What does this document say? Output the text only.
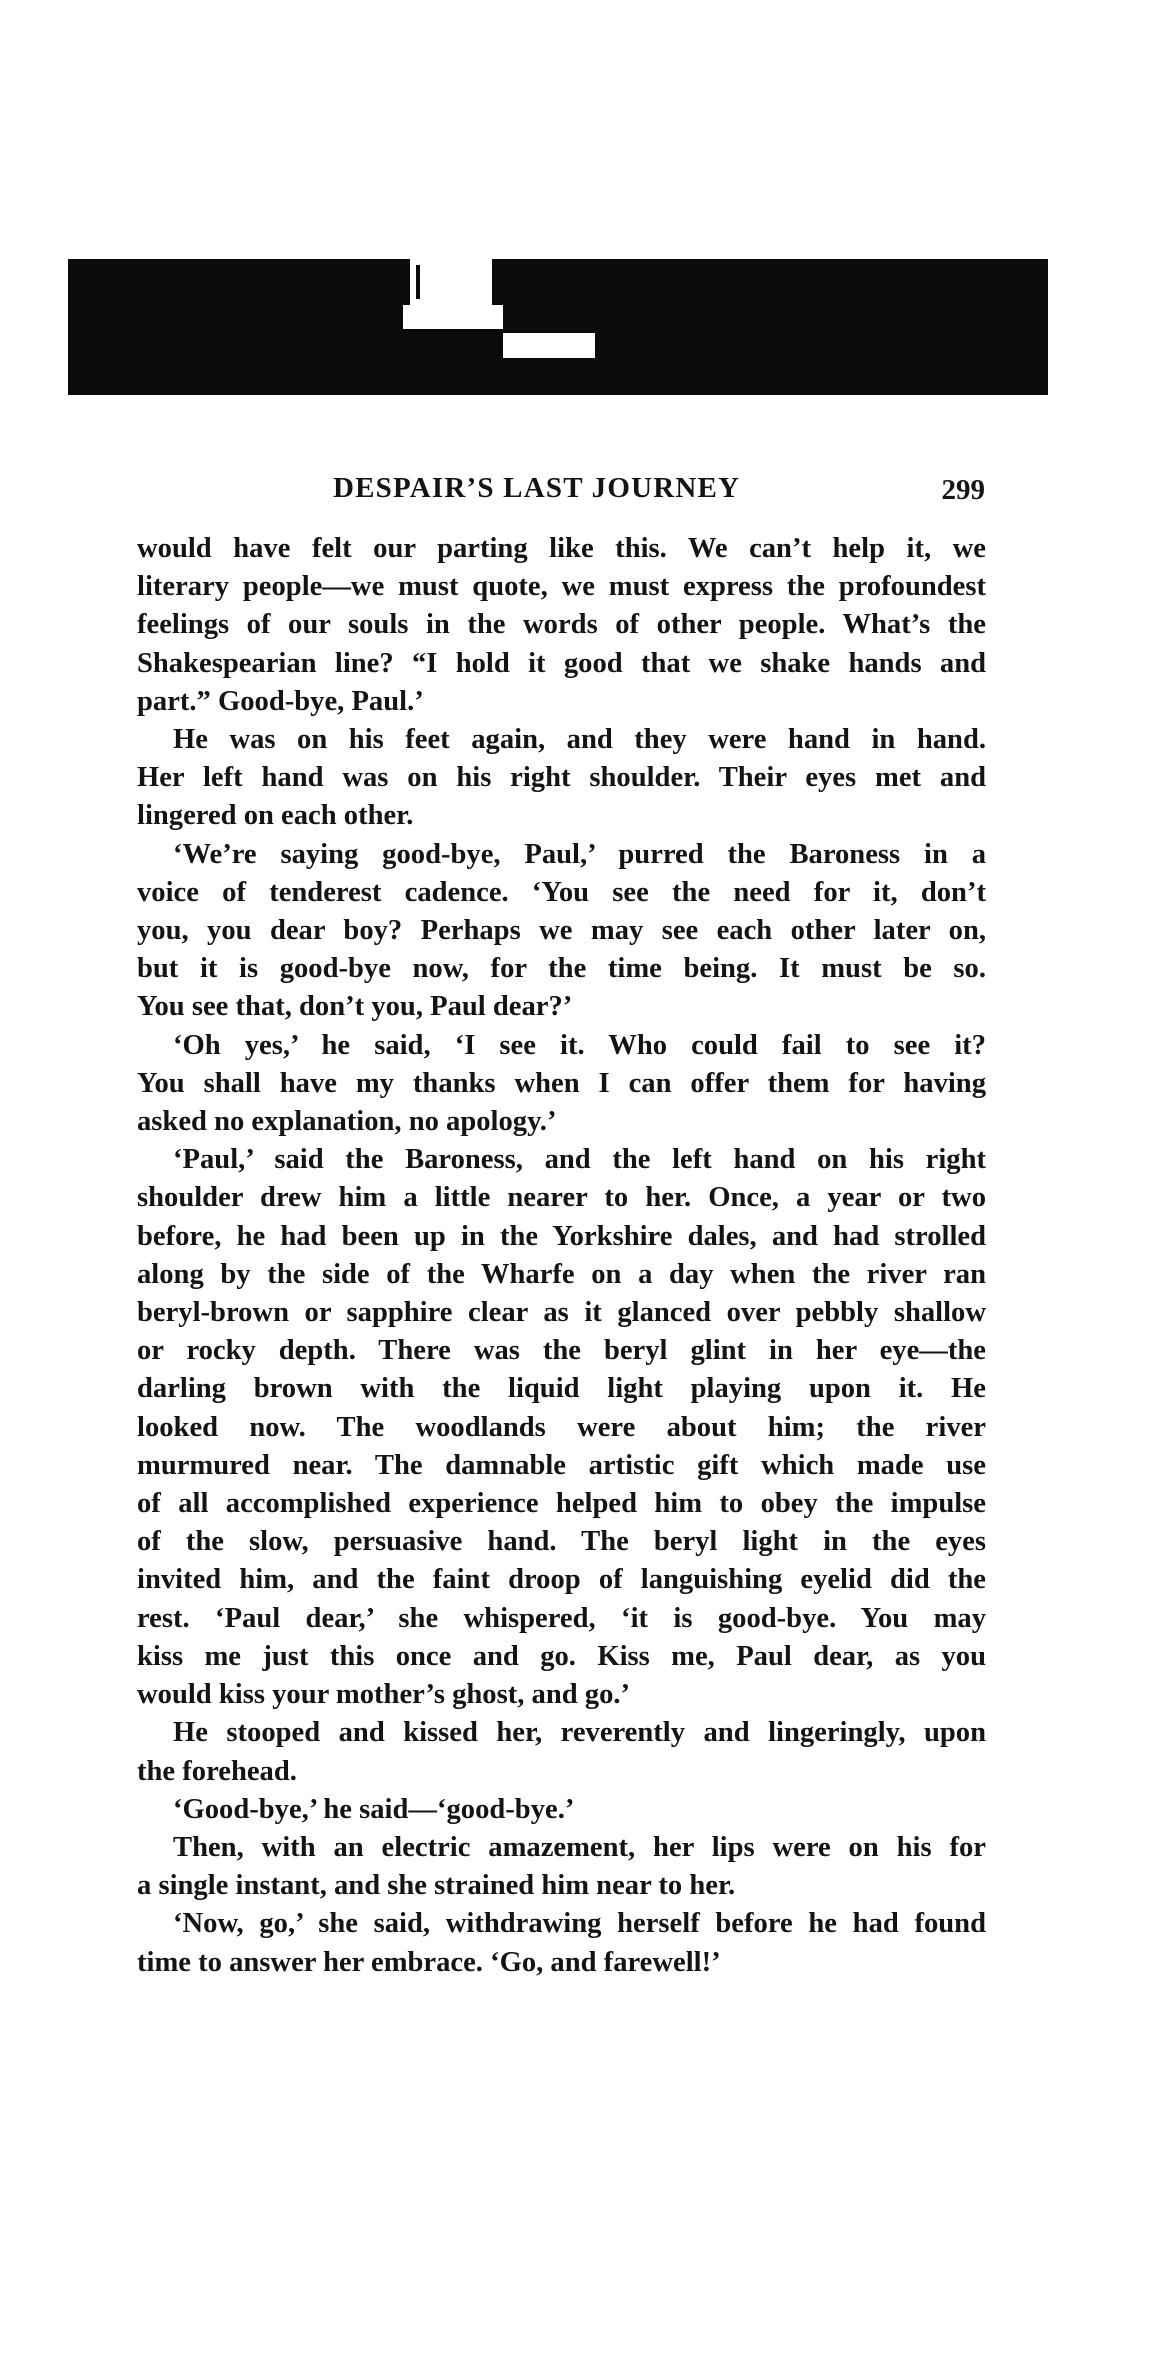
DESPAIR’S LAST JOURNEY	299
would have felt our parting like this. We can’t help it, we
literary people—we must quote, we must express the profoundest
feelings of our souls in the words of other people. What’s the
Shakespearian line? “I hold it good that we shake hands and
part.” Good-bye, Paul.’
He was on his feet again, and they were hand in hand.
Her left hand was on his right shoulder. Their eyes met and
lingered on each other.
‘We’re saying good-bye, Paul,’ purred the Baroness in a
voice of tenderest cadence. ‘You see the need for it, don’t
you, you dear boy? Perhaps we may see each other later on,
but it is good-bye now, for the time being. It must be so.
You see that, don’t you, Paul dear?’
‘Oh yes,’ he said, ‘I see it. Who could fail to see it?
You shall have my thanks when I can offer them for having
asked no explanation, no apology.’
‘Paul,’ said the Baroness, and the left hand on his right
shoulder drew him a little nearer to her. Once, a year or two
before, he had been up in the Yorkshire dales, and had strolled
along by the side of the Wharfe on a day when the river ran
beryl-brown or sapphire clear as it glanced over pebbly shallow
or rocky depth. There was the beryl glint in her eye—the
darling brown with the liquid light playing upon it. He
looked now. The woodlands were about him; the river
murmured near. The damnable artistic gift which made use
of all accomplished experience helped him to obey the impulse
of the slow, persuasive hand. The beryl light in the eyes
invited him, and the faint droop of languishing eyelid did the
rest. ‘Paul dear,’ she whispered, ‘it is good-bye. You may
kiss me just this once and go. Kiss me, Paul dear, as you
would kiss your mother’s ghost, and go.’
He stooped and kissed her, reverently and lingeringly, upon
the forehead.
‘Good-bye,’ he said—‘good-bye.’
Then, with an electric amazement, her lips were on his for
a single instant, and she strained him near to her.
‘Now, go,’ she said, withdrawing herself before he had found
time to answer her embrace. ‘Go, and farewell!’
